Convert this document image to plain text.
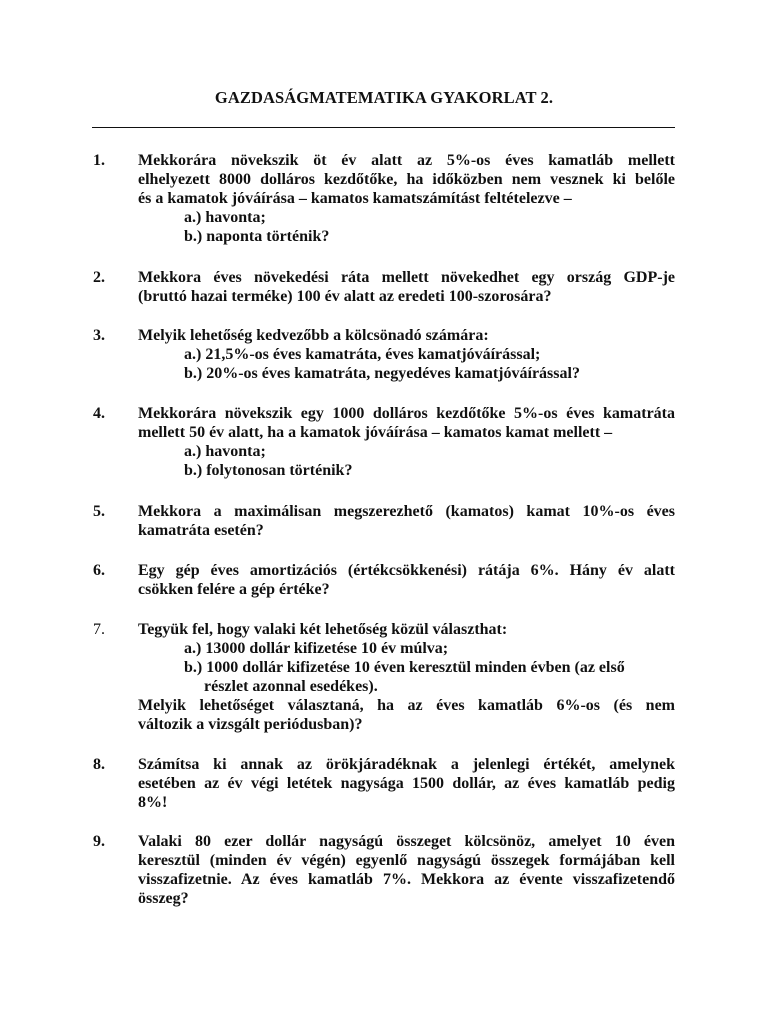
GAZDASÁGMATEMATIKA GYAKORLAT 2.
1.	Mekkorára növekszik öt év alatt az 5%-os éves kamatláb mellett
elhelyezett 8000 dolláros kezdőtőke, ha időközben nem vesznek ki belőle
és a kamatok jóváírása – kamatos kamatszámítást feltételezve –
a.) havonta;
b.) naponta történik?
2.	Mekkora éves növekedési ráta mellett növekedhet egy ország GDP-je
(bruttó hazai terméke) 100 év alatt az eredeti 100-szorosára?
3.	Melyik lehetőség kedvezőbb a kölcsönadó számára:
a.) 21,5%-os éves kamatráta, éves kamatjóváírással;
b.) 20%-os éves kamatráta, negyedéves kamatjóváírással?
4.	Mekkorára növekszik egy 1000 dolláros kezdőtőke 5%-os éves kamatráta
mellett 50 év alatt, ha a kamatok jóváírása – kamatos kamat mellett –
a.) havonta;
b.) folytonosan történik?
5.	Mekkora a maximálisan megszerezhető (kamatos) kamat 10%-os éves
kamatráta esetén?
6.	Egy gép éves amortizációs (értékcsökkenési) rátája 6%. Hány év alatt
csökken felére a gép értéke?
7.	Tegyük fel, hogy valaki két lehetőség közül választhat:
a.) 13000 dollár kifizetése 10 év múlva;
b.) 1000 dollár kifizetése 10 éven keresztül minden évben (az első
részlet azonnal esedékes).
Melyik lehetőséget választaná, ha az éves kamatláb 6%-os (és nem
változik a vizsgált periódusban)?
8.	Számítsa ki annak az örökjáradéknak a jelenlegi értékét, amelynek
esetében az év végi letétek nagysága 1500 dollár, az éves kamatláb pedig
8%!
9.	Valaki 80 ezer dollár nagyságú összeget kölcsönöz, amelyet 10 éven
keresztül (minden év végén) egyenlő nagyságú összegek formájában kell
visszafizetnie. Az éves kamatláb 7%. Mekkora az évente visszafizetendő
összeg?
